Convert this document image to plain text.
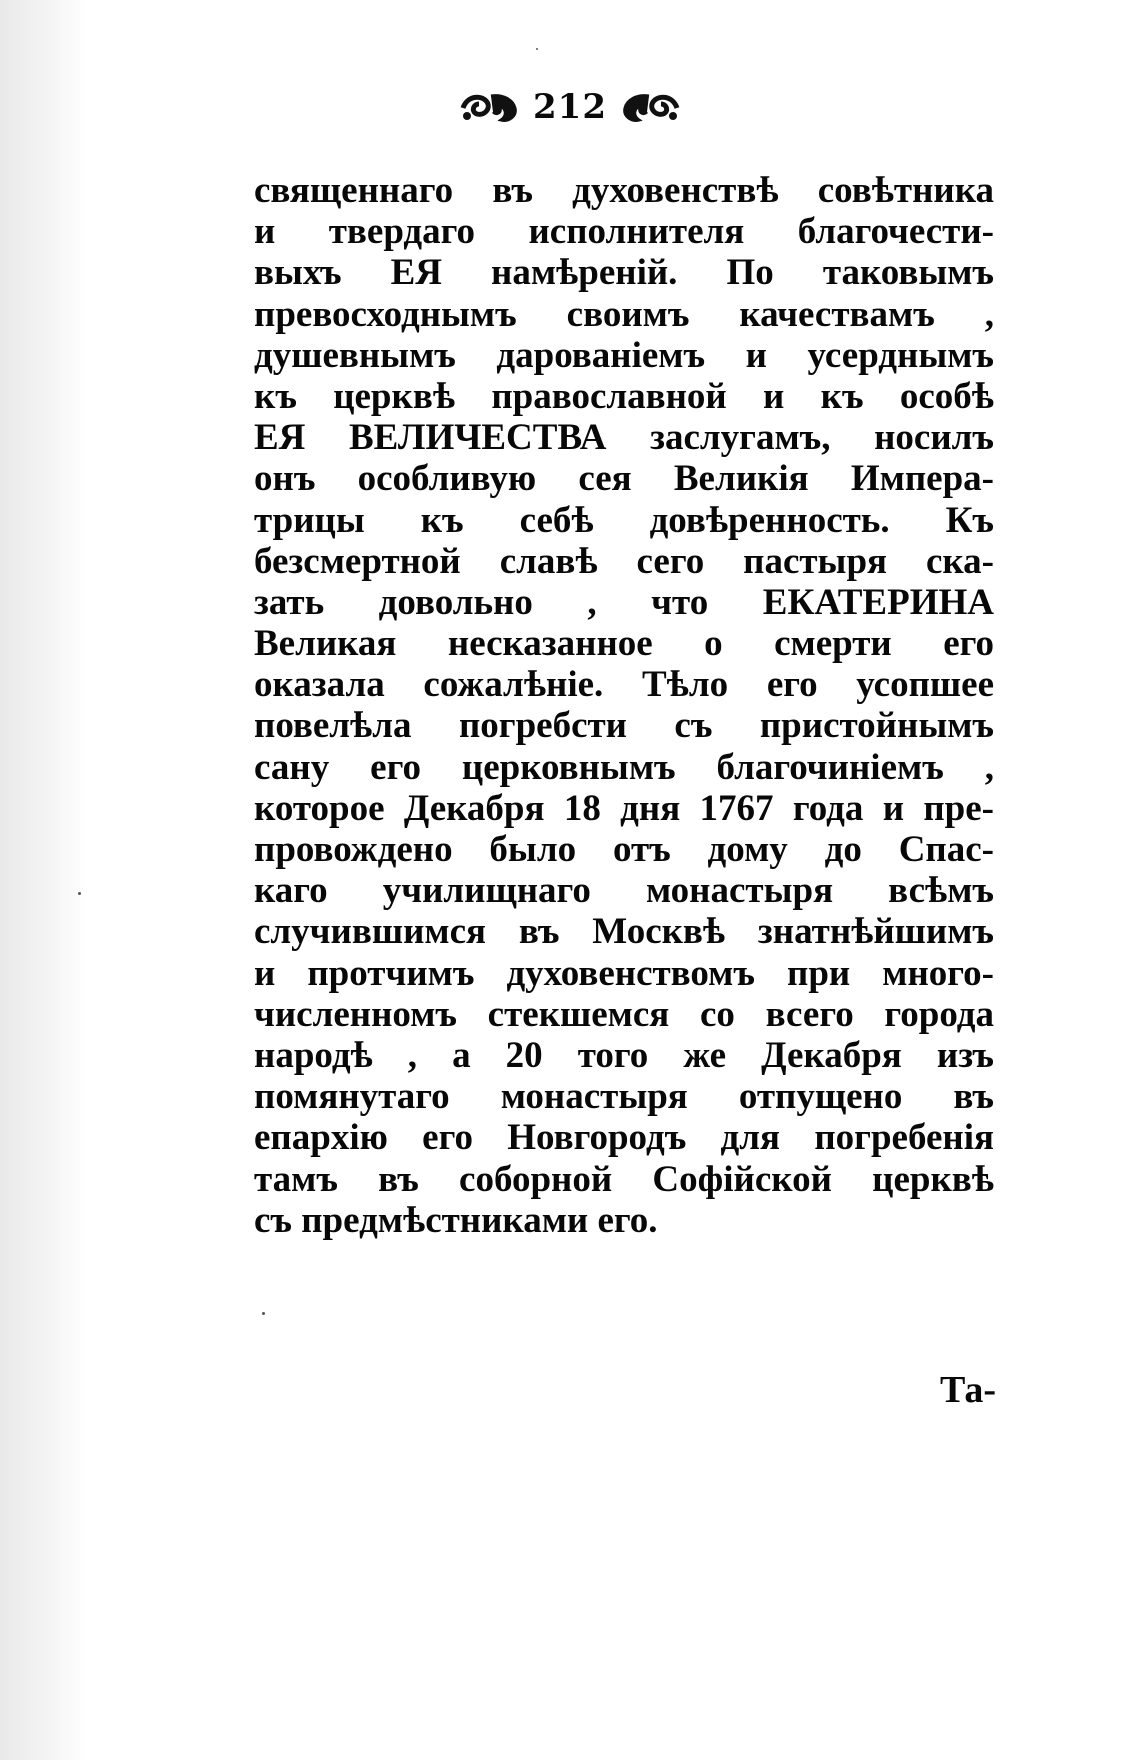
212
священнаго въ духовенствѣ совѣтника
и твердаго исполнителя благочести-
выхъ ЕЯ намѣреній. По таковымъ
превосходнымъ своимъ качествамъ ,
душевнымъ дарованіемъ и усерднымъ
къ церквѣ православной и къ особѣ
ЕЯ ВЕЛИЧЕСТВА заслугамъ, носилъ
онъ особливую сея Великія Импера-
трицы къ себѣ довѣренность. Къ
безсмертной славѣ сего пастыря ска-
зать довольно , что ЕКАТЕРИНА
Великая несказанное о смерти его
оказала сожалѣніе. Тѣло его усопшее
повелѣла погребсти съ пристойнымъ
сану его церковнымъ благочиніемъ ,
которое Декабря 18 дня 1767 года и пре-
провождено было отъ дому до Спас-
каго училищнаго монастыря всѣмъ
случившимся въ Москвѣ знатнѣйшимъ
и протчимъ духовенствомъ при много-
численномъ стекшемся со всего города
народѣ , а 20 того же Декабря изъ
помянутаго монастыря отпущено въ
епархію его Новгородъ для погребенія
тамъ въ соборной Софійской церквѣ
съ предмѣстниками его.
Та-
